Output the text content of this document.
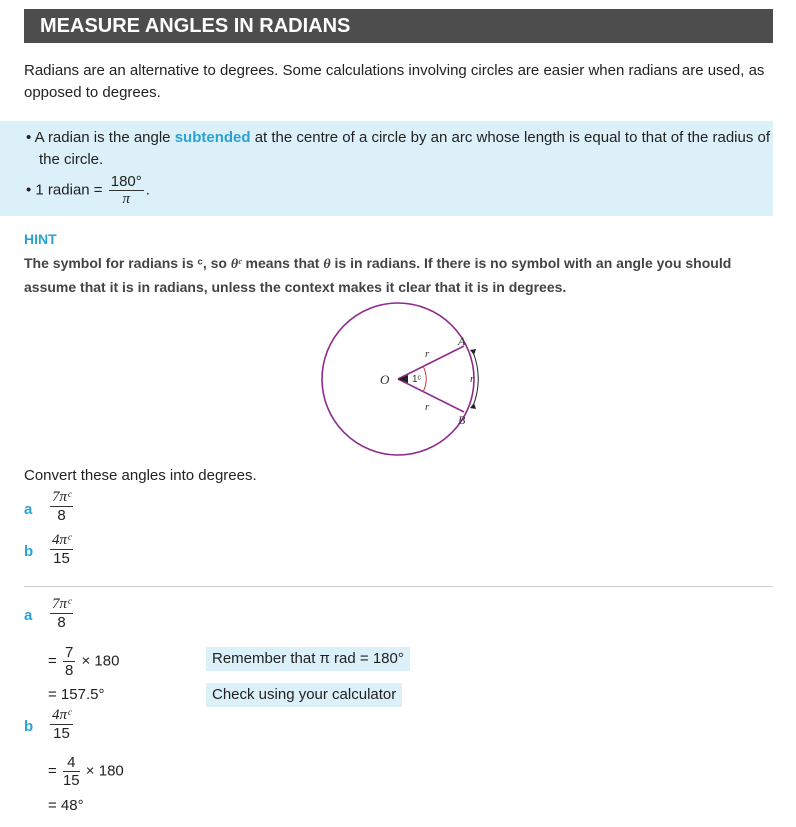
MEASURE ANGLES IN RADIANS
Radians are an alternative to degrees. Some calculations involving circles are easier when radians are used, as opposed to degrees.
• A radian is the angle subtended at the centre of a circle by an arc whose length is equal to that of the radius of the circle.
• 1 radian = $\frac{180^\circ}{\pi}$ .
HINT
The symbol for radians is ᶜ, so θᶜ means that θ is in radians. If there is no symbol with an angle you should assume that it is in radians, unless the context makes it clear that it is in degrees.
O
A
B
r
r
r
1ᶜ
Convert these angles into degrees.
a $\frac{\text{7πᶜ}}{8}$
b $\frac{\text{4πᶜ}}{15}$
a $\frac{\text{7πᶜ}}{8}$
= $\frac{7}{8} \times 180$	Remember that π rad = 180°
= 157.5°	Check using your calculator
b $\frac{\text{4πᶜ}}{15}$
= $\frac{4}{15} \times 180$
= 48°
